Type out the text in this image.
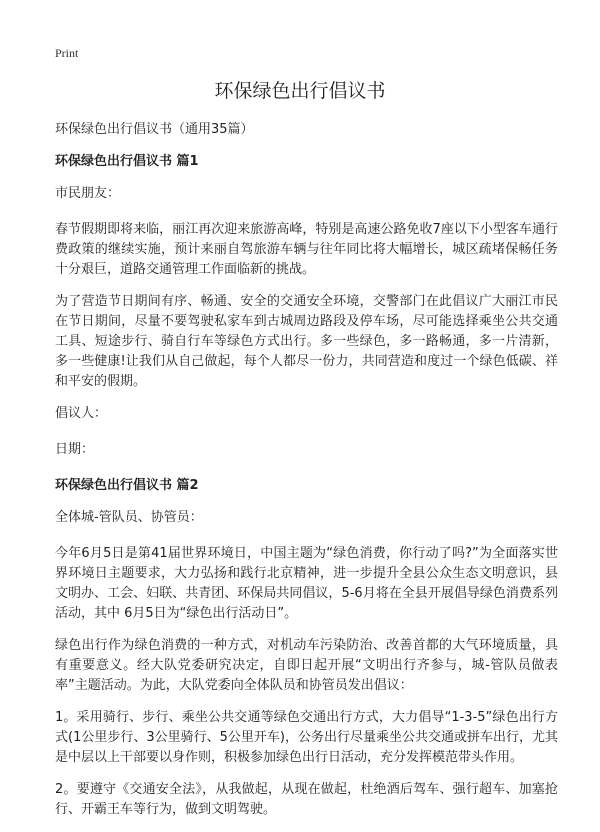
Print
环保绿色出行倡议书
环保绿色出行倡议书（通用35篇）
环保绿色出行倡议书 篇1
市民朋友：
春节假期即将来临，丽江再次迎来旅游高峰，特别是高速公路免收7座以下小型客车通行费政策的继续实施，预计来丽自驾旅游车辆与往年同比将大幅增长，城区疏堵保畅任务十分艰巨，道路交通管理工作面临新的挑战。
为了营造节日期间有序、畅通、安全的交通安全环境，交警部门在此倡议广大丽江市民在节日期间，尽量不要驾驶私家车到古城周边路段及停车场，尽可能选择乘坐公共交通工具、短途步行、骑自行车等绿色方式出行。多一些绿色，多一路畅通，多一片清新，多一些健康!让我们从自己做起，每个人都尽一份力，共同营造和度过一个绿色低碳、祥和平安的假期。
倡议人：
日期：
环保绿色出行倡议书 篇2
全体城-管队员、协管员：
今年6月5日是第41届世界环境日，中国主题为“绿色消费，你行动了吗?”为全面落实世界环境日主题要求，大力弘扬和践行北京精神，进一步提升全县公众生态文明意识，县文明办、工会、妇联、共青团、环保局共同倡议，5-6月将在全县开展倡导绿色消费系列活动，其中 6月5日为“绿色出行活动日”。
绿色出行作为绿色消费的一种方式，对机动车污染防治、改善首都的大气环境质量，具有重要意义。经大队党委研究决定，自即日起开展“文明出行齐参与，城-管队员做表率”主题活动。为此，大队党委向全体队员和协管员发出倡议：
1。采用骑行、步行、乘坐公共交通等绿色交通出行方式，大力倡导“1-3-5”绿色出行方式(1公里步行、3公里骑行、5公里开车)，公务出行尽量乘坐公共交通或拼车出行，尤其是中层以上干部要以身作则，积极参加绿色出行日活动，充分发挥模范带头作用。
2。要遵守《交通安全法》，从我做起，从现在做起，杜绝酒后驾车、强行超车、加塞抢行、开霸王车等行为，做到文明驾驶。
